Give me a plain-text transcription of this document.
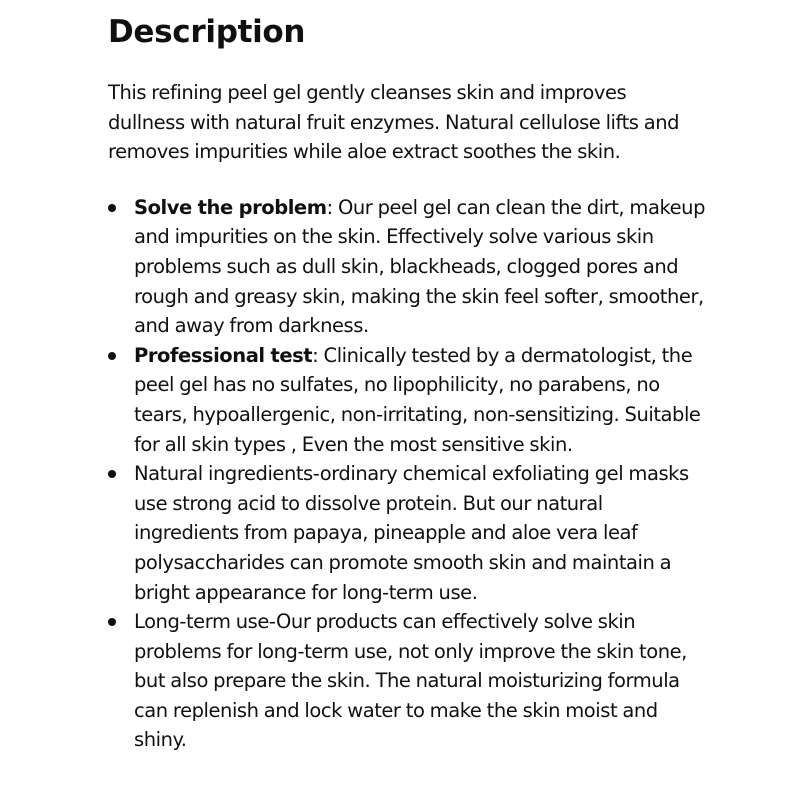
Description

This refining peel gel gently cleanses skin and improves dullness with natural fruit enzymes. Natural cellulose lifts and removes impurities while aloe extract soothes the skin.

Solve the problem: Our peel gel can clean the dirt, makeup and impurities on the skin. Effectively solve various skin problems such as dull skin, blackheads, clogged pores and rough and greasy skin, making the skin feel softer, smoother, and away from darkness.
Professional test: Clinically tested by a dermatologist, the peel gel has no sulfates, no lipophilicity, no parabens, no tears, hypoallergenic, non-irritating, non-sensitizing. Suitable for all skin types , Even the most sensitive skin.
Natural ingredients-ordinary chemical exfoliating gel masks use strong acid to dissolve protein. But our natural ingredients from papaya, pineapple and aloe vera leaf polysaccharides can promote smooth skin and maintain a bright appearance for long-term use.
Long-term use-Our products can effectively solve skin problems for long-term use, not only improve the skin tone, but also prepare the skin. The natural moisturizing formula can replenish and lock water to make the skin moist and shiny.
